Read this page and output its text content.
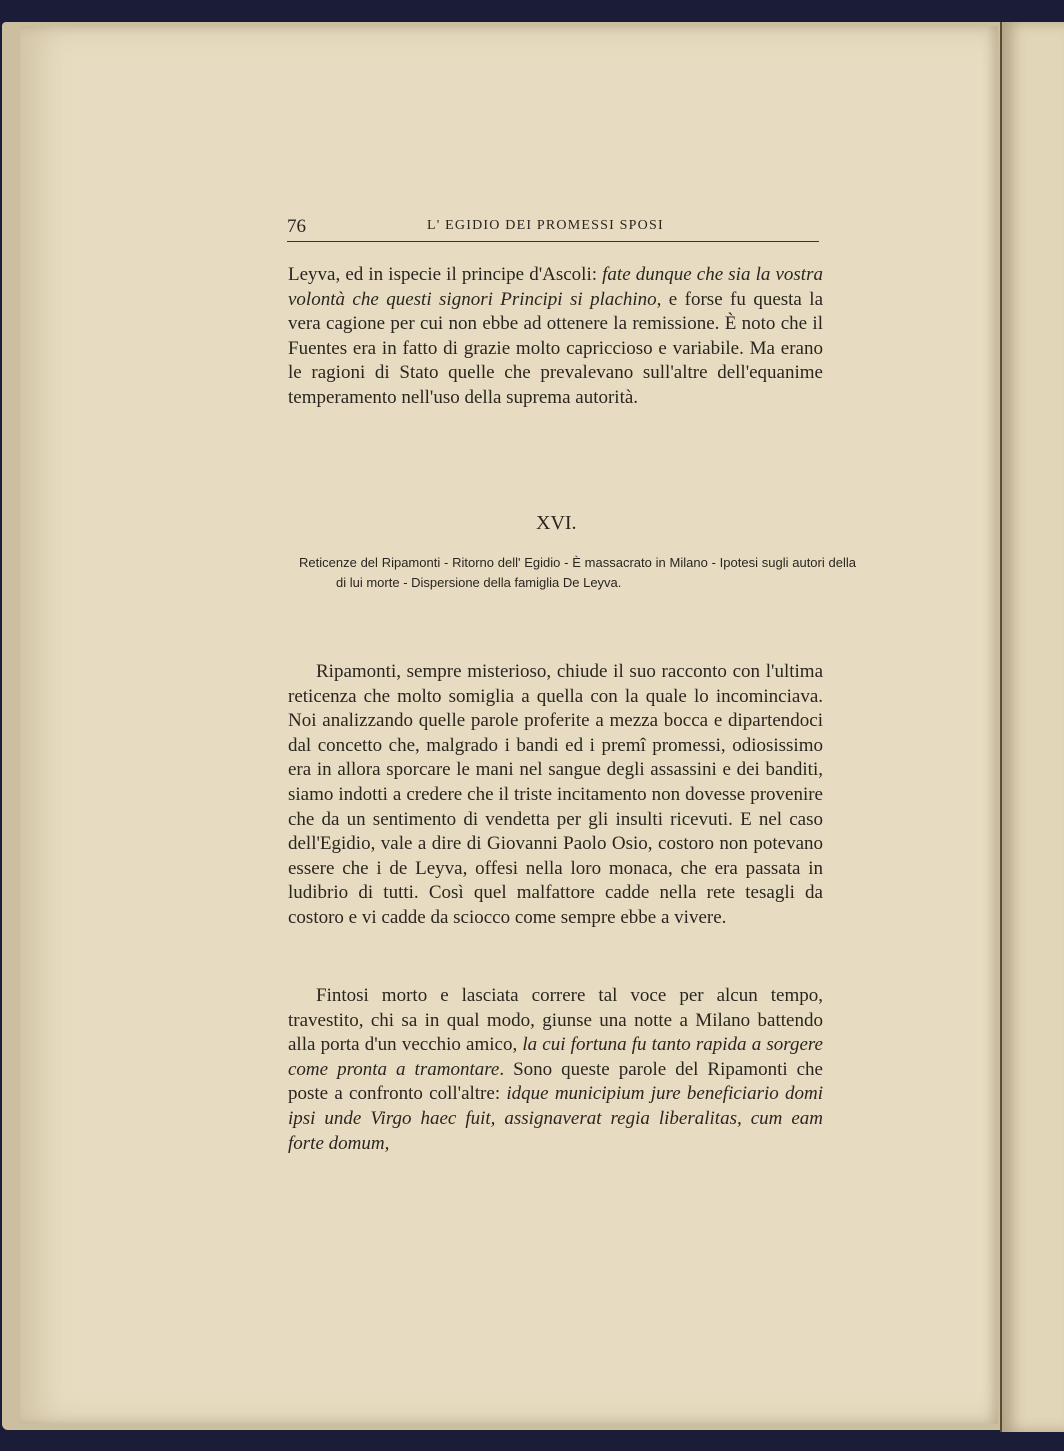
76	L' EGIDIO DEI PROMESSI SPOSI

Leyva, ed in ispecie il principe d'Ascoli: fate dunque che sia la vostra volontà che questi signori Principi si plachino, e forse fu questa la vera cagione per cui non ebbe ad ottenere la remissione. È noto che il Fuentes era in fatto di grazie molto capriccioso e variabile. Ma erano le ragioni di Stato quelle che prevalevano sull'altre dell'equanime temperamento nell'uso della suprema autorità.

XVI.

Reticenze del Ripamonti - Ritorno dell' Egidio - È massacrato in Milano - Ipotesi sugli autori della di lui morte - Dispersione della famiglia De Leyva.

Ripamonti, sempre misterioso, chiude il suo racconto con l'ultima reticenza che molto somiglia a quella con la quale lo incominciava. Noi analizzando quelle parole proferite a mezza bocca e dipartendoci dal concetto che, malgrado i bandi ed i premî promessi, odiosissimo era in allora sporcare le mani nel sangue degli assassini e dei banditi, siamo indotti a credere che il triste incitamento non dovesse provenire che da un sentimento di vendetta per gli insulti ricevuti. E nel caso dell'Egidio, vale a dire di Giovanni Paolo Osio, costoro non potevano essere che i de Leyva, offesi nella loro monaca, che era passata in ludibrio di tutti. Così quel malfattore cadde nella rete tesagli da costoro e vi cadde da sciocco come sempre ebbe a vivere.

Fintosi morto e lasciata correre tal voce per alcun tempo, travestito, chi sa in qual modo, giunse una notte a Milano battendo alla porta d'un vecchio amico, la cui fortuna fu tanto rapida a sorgere come pronta a tramontare. Sono queste parole del Ripamonti che poste a confronto coll'altre: idque municipium jure beneficiario domi ipsi unde Virgo haec fuit, assignaverat regia liberalitas, cum eam forte domum,
